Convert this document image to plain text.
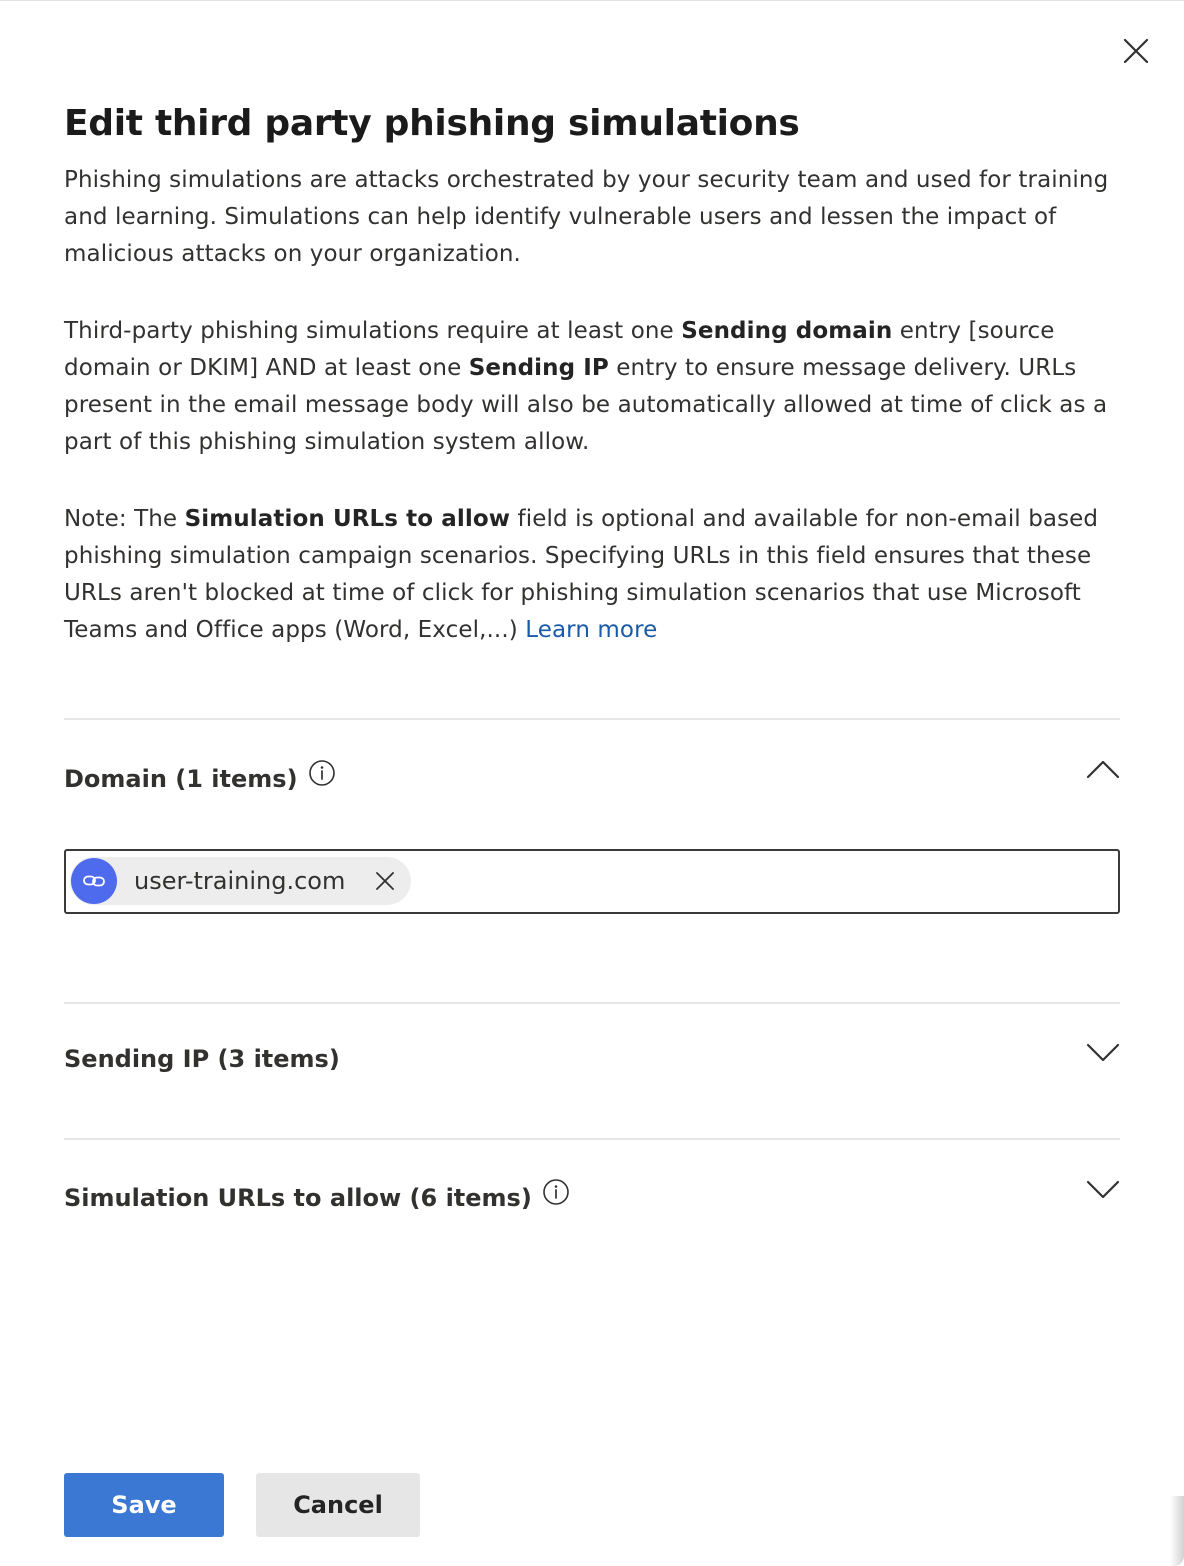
Edit third party phishing simulations

Phishing simulations are attacks orchestrated by your security team and used for training and learning. Simulations can help identify vulnerable users and lessen the impact of malicious attacks on your organization.

Third-party phishing simulations require at least one Sending domain entry [source domain or DKIM] AND at least one Sending IP entry to ensure message delivery. URLs present in the email message body will also be automatically allowed at time of click as a part of this phishing simulation system allow.

Note: The Simulation URLs to allow field is optional and available for non-email based phishing simulation campaign scenarios. Specifying URLs in this field ensures that these URLs aren't blocked at time of click for phishing simulation scenarios that use Microsoft Teams and Office apps (Word, Excel,...) Learn more

Domain (1 items)
user-training.com
Sending IP (3 items)
Simulation URLs to allow (6 items)
Save	Cancel
